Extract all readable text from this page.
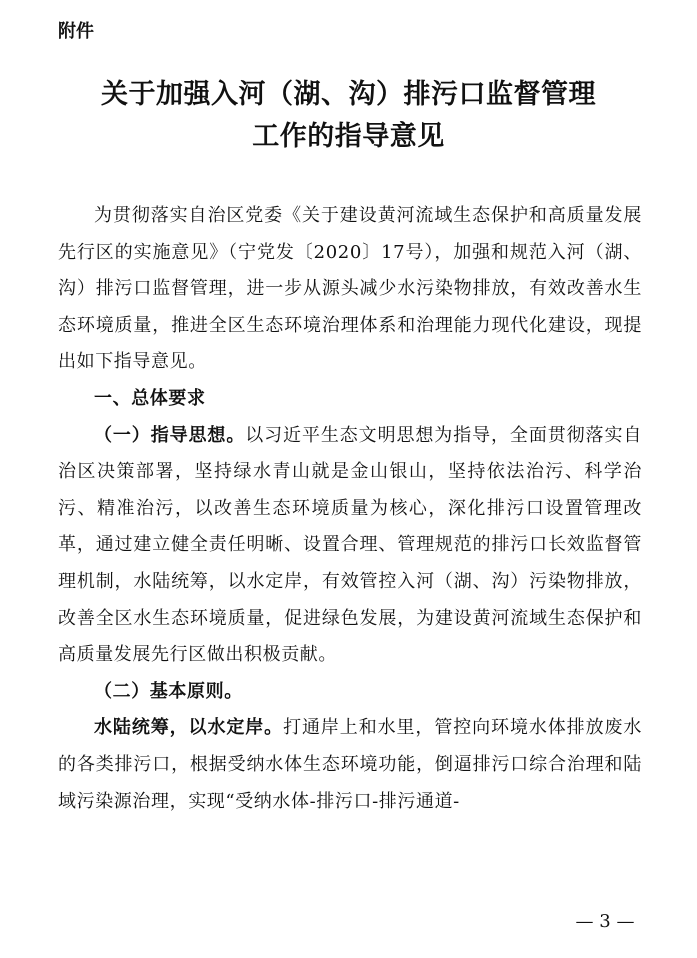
附件
关于加强入河（湖、沟）排污口监督管理
工作的指导意见

为贯彻落实自治区党委《关于建设黄河流域生态保护和高质量发展先行区的实施意见》（宁党发〔2020〕17号），加强和规范入河（湖、沟）排污口监督管理，进一步从源头减少水污染物排放，有效改善水生态环境质量，推进全区生态环境治理体系和治理能力现代化建设，现提出如下指导意见。

一、总体要求

（一）指导思想。以习近平生态文明思想为指导，全面贯彻落实自治区决策部署，坚持绿水青山就是金山银山，坚持依法治污、科学治污、精准治污，以改善生态环境质量为核心，深化排污口设置管理改革，通过建立健全责任明晰、设置合理、管理规范的排污口长效监督管理机制，水陆统筹，以水定岸，有效管控入河（湖、沟）污染物排放，改善全区水生态环境质量，促进绿色发展，为建设黄河流域生态保护和高质量发展先行区做出积极贡献。

（二）基本原则。

水陆统筹，以水定岸。打通岸上和水里，管控向环境水体排放废水的各类排污口，根据受纳水体生态环境功能，倒逼排污口综合治理和陆域污染源治理，实现“受纳水体-排污口-排污通道-

— 3 —
